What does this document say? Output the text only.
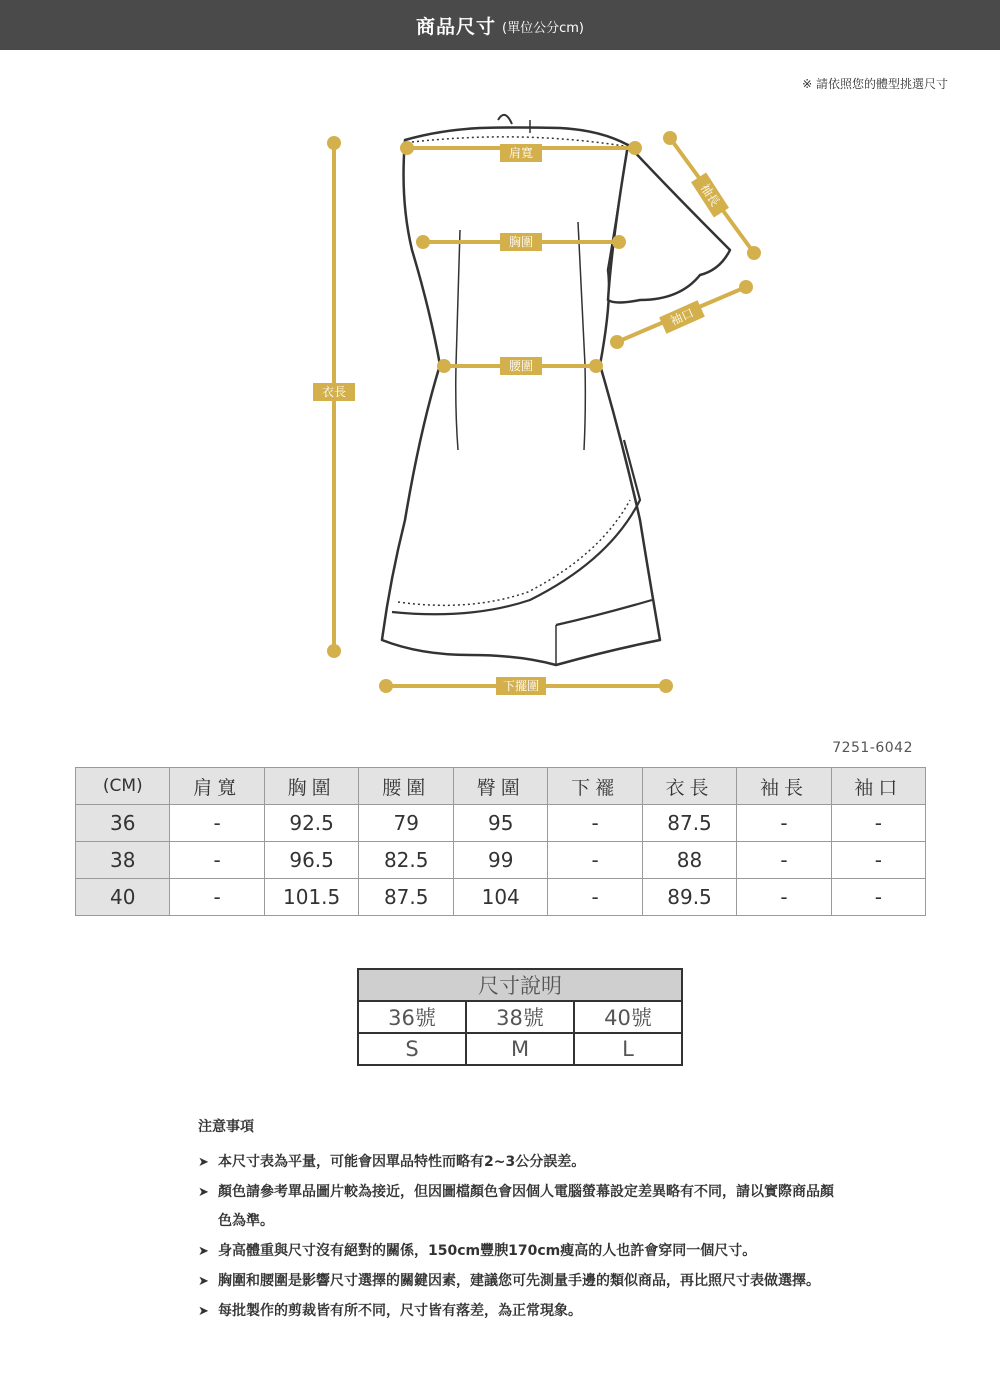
商品尺寸 (單位公分cm)
※ 請依照您的體型挑選尺寸
肩寬
胸圍
腰圍
衣長
袖長
袖口
下擺圍
7251-6042
(CM)	肩寬	胸圍	腰圍	臀圍	下襬	衣長	袖長	袖口
36	-	92.5	79	95	-	87.5	-	-
38	-	96.5	82.5	99	-	88	-	-
40	-	101.5	87.5	104	-	89.5	-	-
尺寸說明		
36號	38號	40號
S	M	L
注意事項
➤ 本尺寸表為平量，可能會因單品特性而略有2~3公分誤差。
➤ 顏色請參考單品圖片較為接近，但因圖檔顏色會因個人電腦螢幕設定差異略有不同，請以實際商品顏色為準。
➤ 身高體重與尺寸沒有絕對的關係，150cm豐腴170cm瘦高的人也許會穿同一個尺寸。
➤ 胸圍和腰圍是影響尺寸選擇的關鍵因素，建議您可先測量手邊的類似商品，再比照尺寸表做選擇。
➤ 每批製作的剪裁皆有所不同，尺寸皆有落差，為正常現象。
